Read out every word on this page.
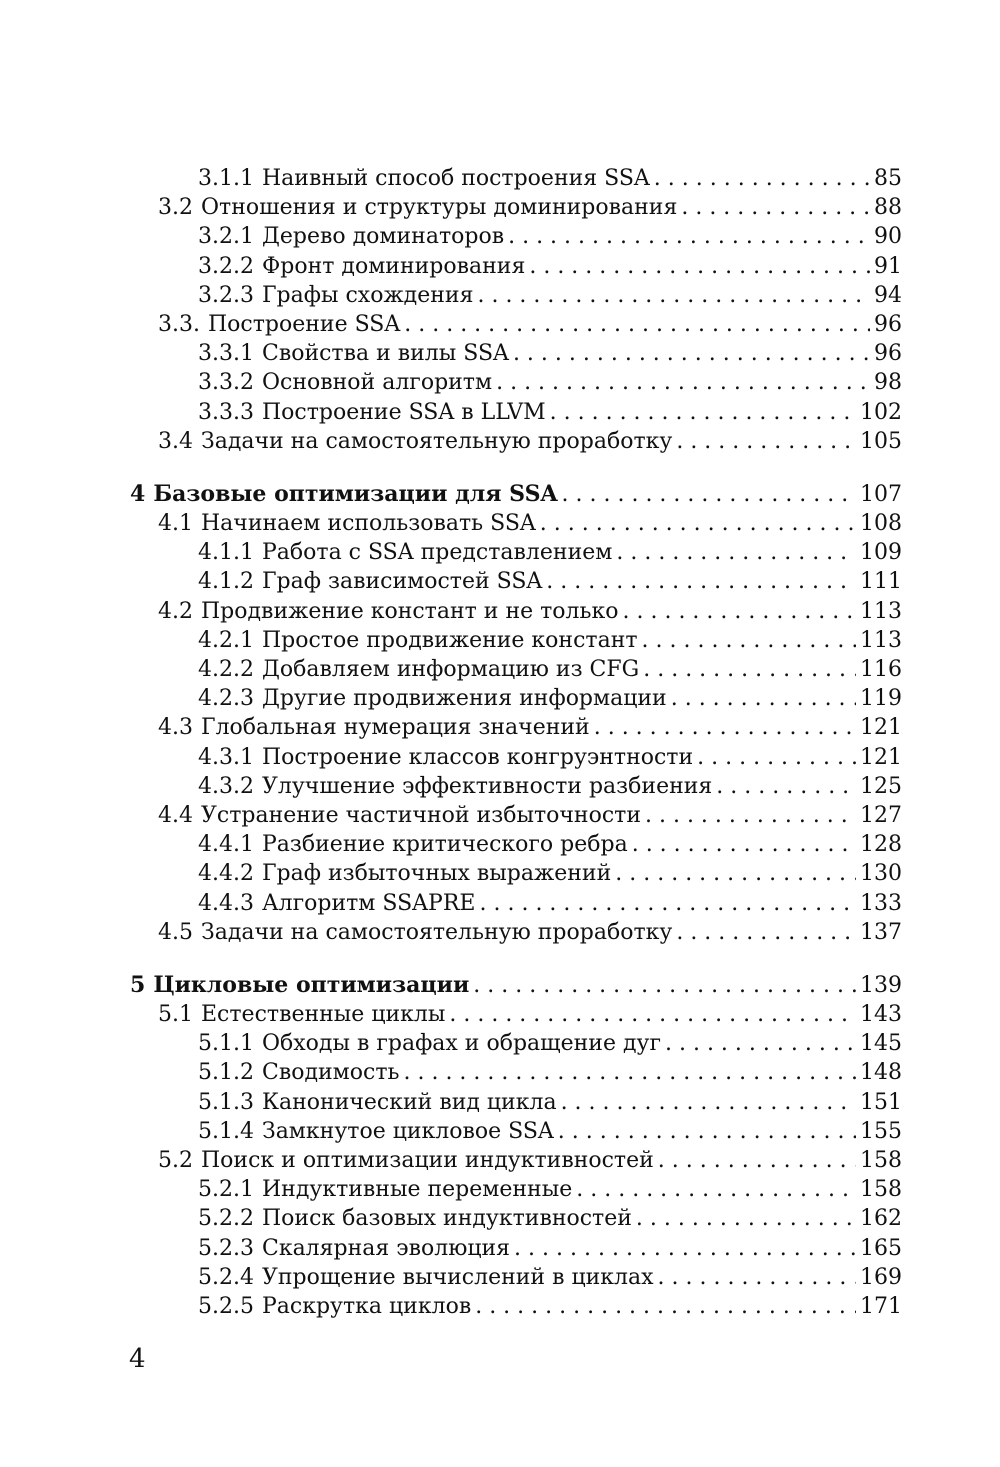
3.1.1 Наивный способ построения SSA . . .	85
3.2 Отношения и структуры доминирования . . .	88
3.2.1 Дерево доминаторов . . .	90
3.2.2 Фронт доминирования . . .	91
3.2.3 Графы схождения . . .	94
3.3. Построение SSA . . .	96
3.3.1 Свойства и вилы SSA . . .	96
3.3.2 Основной алгоритм . . .	98
3.3.3 Построение SSA в LLVM . . .	102
3.4 Задачи на самостоятельную проработку . . .	105
4 Базовые оптимизации для SSA . . .	107
4.1 Начинаем использовать SSA . . .	108
4.1.1 Работа с SSA представлением . . .	109
4.1.2 Граф зависимостей SSA . . .	111
4.2 Продвижение констант и не только . . .	113
4.2.1 Простое продвижение констант . . .	113
4.2.2 Добавляем информацию из CFG . . .	116
4.2.3 Другие продвижения информации . . .	119
4.3 Глобальная нумерация значений . . .	121
4.3.1 Построение классов конгруэнтности . . .	121
4.3.2 Улучшение эффективности разбиения . . .	125
4.4 Устранение частичной избыточности . . .	127
4.4.1 Разбиение критического ребра . . .	128
4.4.2 Граф избыточных выражений . . .	130
4.4.3 Алгоритм SSAPRE . . .	133
4.5 Задачи на самостоятельную проработку . . .	137
5 Цикловые оптимизации . . .	139
5.1 Естественные циклы . . .	143
5.1.1 Обходы в графах и обращение дуг . . .	145
5.1.2 Сводимость . . .	148
5.1.3 Канонический вид цикла . . .	151
5.1.4 Замкнутое цикловое SSA . . .	155
5.2 Поиск и оптимизации индуктивностей . . .	158
5.2.1 Индуктивные переменные . . .	158
5.2.2 Поиск базовых индуктивностей . . .	162
5.2.3 Скалярная эволюция . . .	165
5.2.4 Упрощение вычислений в циклах . . .	169
5.2.5 Раскрутка циклов . . .	171
4
